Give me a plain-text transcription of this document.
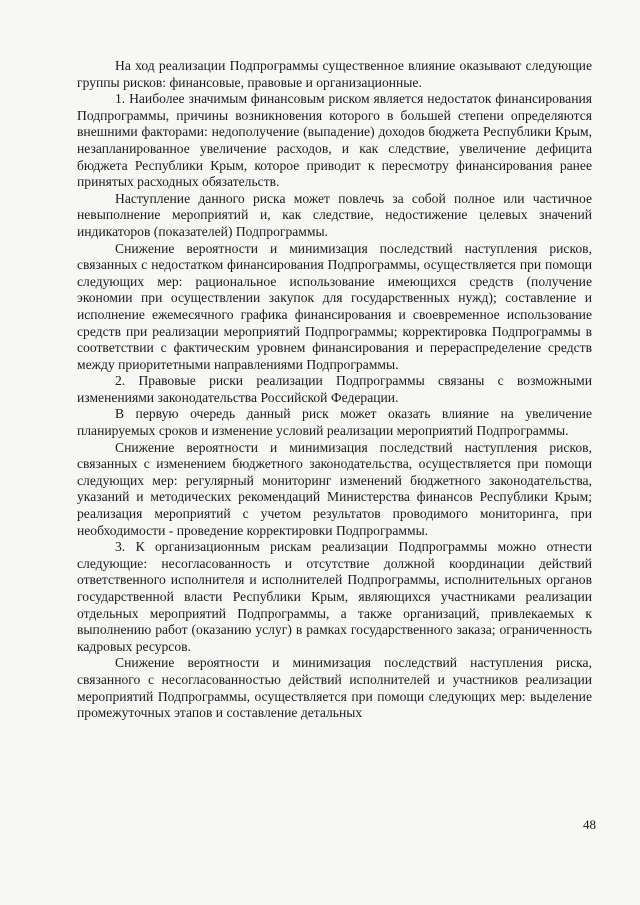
На ход реализации Подпрограммы существенное влияние оказывают следующие группы рисков: финансовые, правовые и организационные.

1. Наиболее значимым финансовым риском является недостаток финансирования Подпрограммы, причины возникновения которого в большей степени определяются внешними факторами: недополучение (выпадение) доходов бюджета Республики Крым, незапланированное увеличение расходов, и как следствие, увеличение дефицита бюджета Республики Крым, которое приводит к пересмотру финансирования ранее принятых расходных обязательств.

Наступление данного риска может повлечь за собой полное или частичное невыполнение мероприятий и, как следствие, недостижение целевых значений индикаторов (показателей) Подпрограммы.

Снижение вероятности и минимизация последствий наступления рисков, связанных с недостатком финансирования Подпрограммы, осуществляется при помощи следующих мер: рациональное использование имеющихся средств (получение экономии при осуществлении закупок для государственных нужд); составление и исполнение ежемесячного графика финансирования и своевременное использование средств при реализации мероприятий Подпрограммы; корректировка Подпрограммы в соответствии с фактическим уровнем финансирования и перераспределение средств между приоритетными направлениями Подпрограммы.

2. Правовые риски реализации Подпрограммы связаны с возможными изменениями законодательства Российской Федерации.

В первую очередь данный риск может оказать влияние на увеличение планируемых сроков и изменение условий реализации мероприятий Подпрограммы.

Снижение вероятности и минимизация последствий наступления рисков, связанных с изменением бюджетного законодательства, осуществляется при помощи следующих мер: регулярный мониторинг изменений бюджетного законодательства, указаний и методических рекомендаций Министерства финансов Республики Крым; реализация мероприятий с учетом результатов проводимого мониторинга, при необходимости - проведение корректировки Подпрограммы.

3. К организационным рискам реализации Подпрограммы можно отнести следующие: несогласованность и отсутствие должной координации действий ответственного исполнителя и исполнителей Подпрограммы, исполнительных органов государственной власти Республики Крым, являющихся участниками реализации отдельных мероприятий Подпрограммы, а также организаций, привлекаемых к выполнению работ (оказанию услуг) в рамках государственного заказа; ограниченность кадровых ресурсов.

Снижение вероятности и минимизация последствий наступления риска, связанного с несогласованностью действий исполнителей и участников реализации мероприятий Подпрограммы, осуществляется при помощи следующих мер: выделение промежуточных этапов и составление детальных

48
